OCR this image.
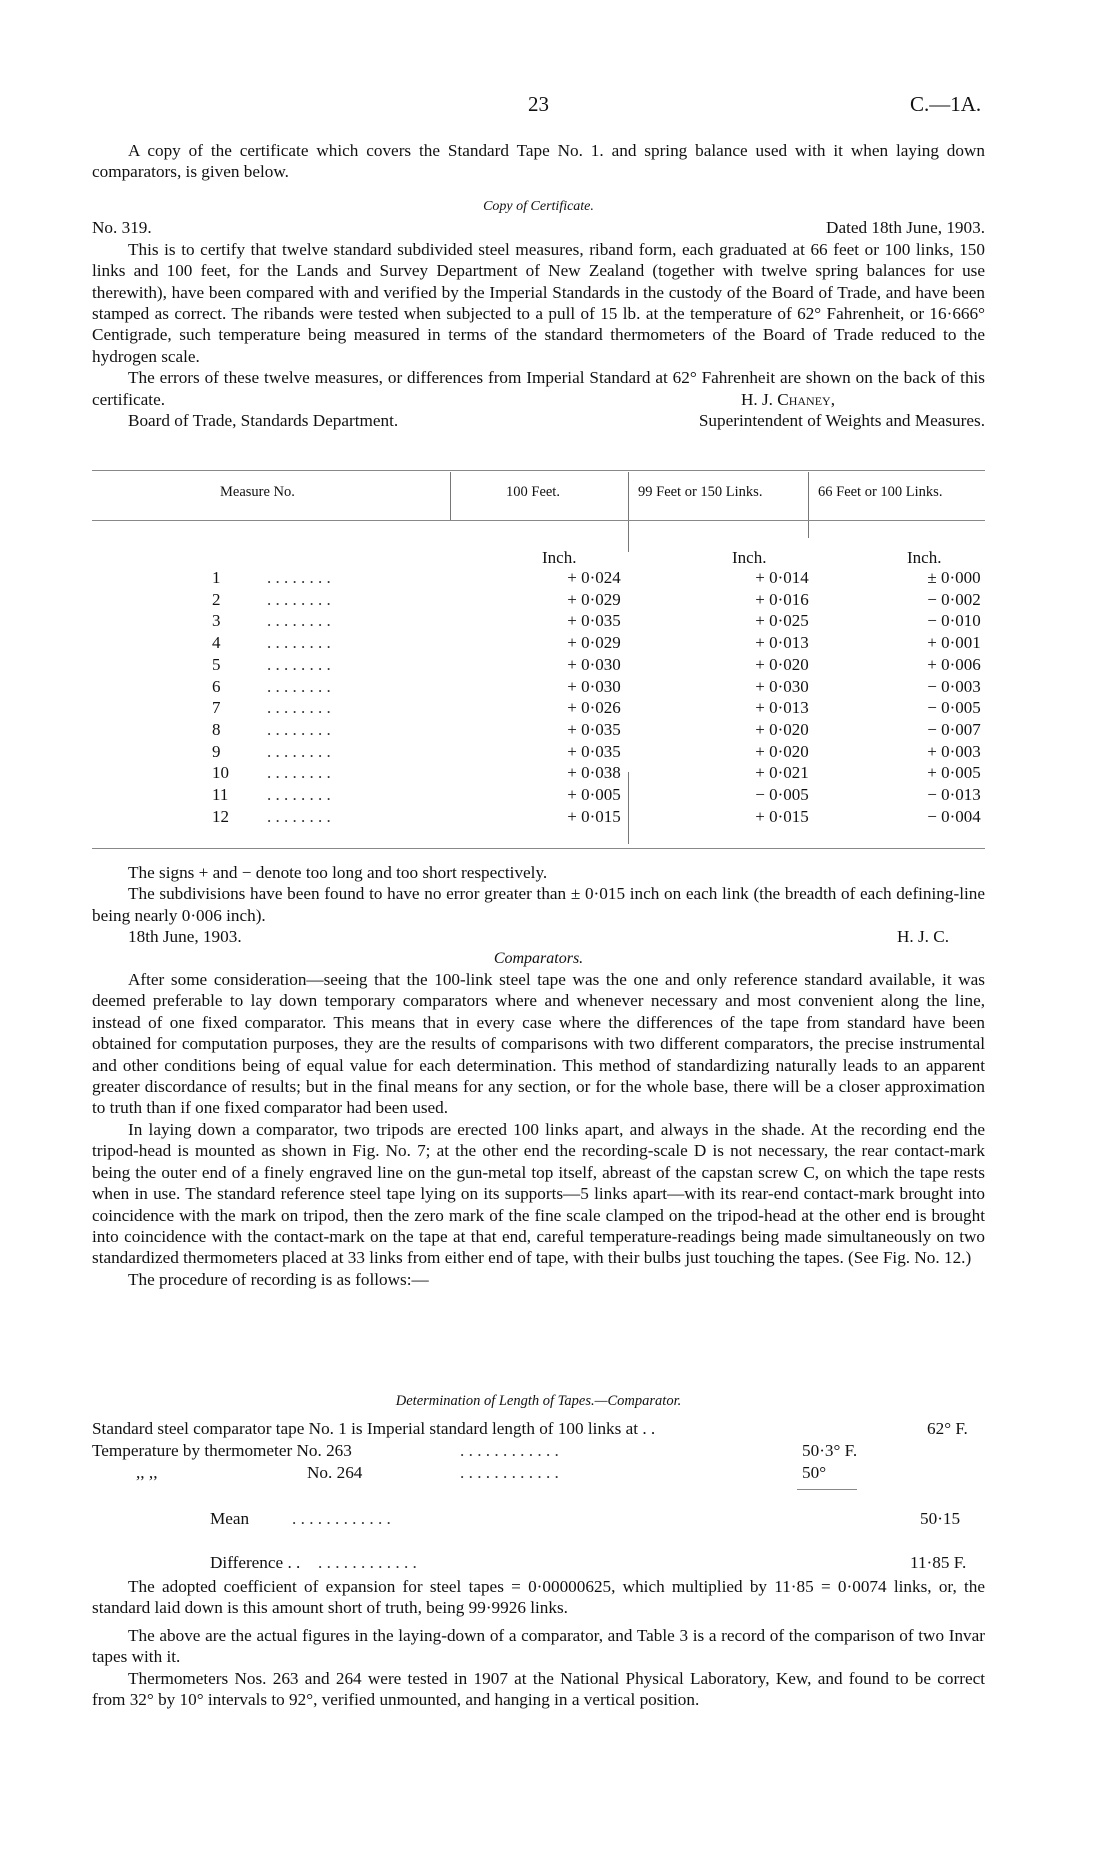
23	C.—1A.

A copy of the certificate which covers the Standard Tape No. 1. and spring balance used with it when laying down comparators, is given below.

Copy of Certificate.
No. 319.	Dated 18th June, 1903.

This is to certify that twelve standard subdivided steel measures, riband form, each graduated at 66 feet or 100 links, 150 links and 100 feet, for the Lands and Survey Department of New Zealand (together with twelve spring balances for use therewith), have been compared with and verified by the Imperial Standards in the custody of the Board of Trade, and have been stamped as correct. The ribands were tested when subjected to a pull of 15 lb. at the temperature of 62° Fahrenheit, or 16·666° Centigrade, such temperature being measured in terms of the standard thermometers of the Board of Trade reduced to the hydrogen scale.

The errors of these twelve measures, or differences from Imperial Standard at 62° Fahrenheit are shown on the back of this certificate.	H. J. Chaney,
Board of Trade, Standards Department.	Superintendent of Weights and Measures.
Measure No.	100 Feet.	99 Feet or 150 Links.	66 Feet or 100 Links.
Inch.	Inch.	Inch.
1	+ 0·024	+ 0·014	± 0·000
. . . . . . . .
2	+ 0·029	+ 0·016	− 0·002
. . . . . . . .
3	+ 0·035	+ 0·025	− 0·010
. . . . . . . .
4	+ 0·029	+ 0·013	+ 0·001
. . . . . . . .
5	+ 0·030	+ 0·020	+ 0·006
. . . . . . . .
6	+ 0·030	+ 0·030	− 0·003
. . . . . . . .
7	+ 0·026	+ 0·013	− 0·005
. . . . . . . .
8	+ 0·035	+ 0·020	− 0·007
. . . . . . . .
9	+ 0·035	+ 0·020	+ 0·003
. . . . . . . .
10	+ 0·038	+ 0·021	+ 0·005
. . . . . . . .
11	+ 0·005	− 0·005	− 0·013
. . . . . . . .
12	+ 0·015	+ 0·015	− 0·004
. . . . . . . .

The signs + and − denote too long and too short respectively.

The subdivisions have been found to have no error greater than ± 0·015 inch on each link (the breadth of each defining-line being nearly 0·006 inch).

18th June, 1903.	H. J. C.
Comparators.

After some consideration—seeing that the 100-link steel tape was the one and only reference standard available, it was deemed preferable to lay down temporary comparators where and whenever necessary and most convenient along the line, instead of one fixed comparator. This means that in every case where the differences of the tape from standard have been obtained for computation purposes, they are the results of comparisons with two different comparators, the precise instrumental and other conditions being of equal value for each determination. This method of standardizing naturally leads to an apparent greater discordance of results; but in the final means for any section, or for the whole base, there will be a closer approximation to truth than if one fixed comparator had been used.

In laying down a comparator, two tripods are erected 100 links apart, and always in the shade. At the recording end the tripod-head is mounted as shown in Fig. No. 7; at the other end the recording-scale D is not necessary, the rear contact-mark being the outer end of a finely engraved line on the gun-metal top itself, abreast of the capstan screw C, on which the tape rests when in use. The standard reference steel tape lying on its supports—5 links apart—with its rear-end contact-mark brought into coincidence with the mark on tripod, then the zero mark of the fine scale clamped on the tripod-head at the other end is brought into coincidence with the contact-mark on the tape at that end, careful temperature-readings being made simultaneously on two standardized thermometers placed at 33 links from either end of tape, with their bulbs just touching the tapes. (See Fig. No. 12.)

The procedure of recording is as follows:—

Determination of Length of Tapes.—Comparator.
Standard steel comparator tape No. 1 is Imperial standard length of 100 links at . .	62° F.
Temperature by thermometer No. 263	. . . . . . . . . . . .	50·3° F.
,, ,,	No. 264	. . . . . . . . . . . .	50°
Mean . . . . . . . . . . . .	50·15
Difference . . . . . . . . . . . . . .	11·85 F.

The adopted coefficient of expansion for steel tapes = 0·00000625, which multiplied by 11·85 = 0·0074 links, or, the standard laid down is this amount short of truth, being 99·9926 links.

The above are the actual figures in the laying-down of a comparator, and Table 3 is a record of the comparison of two Invar tapes with it.

Thermometers Nos. 263 and 264 were tested in 1907 at the National Physical Laboratory, Kew, and found to be correct from 32° by 10° intervals to 92°, verified unmounted, and hanging in a vertical position.
